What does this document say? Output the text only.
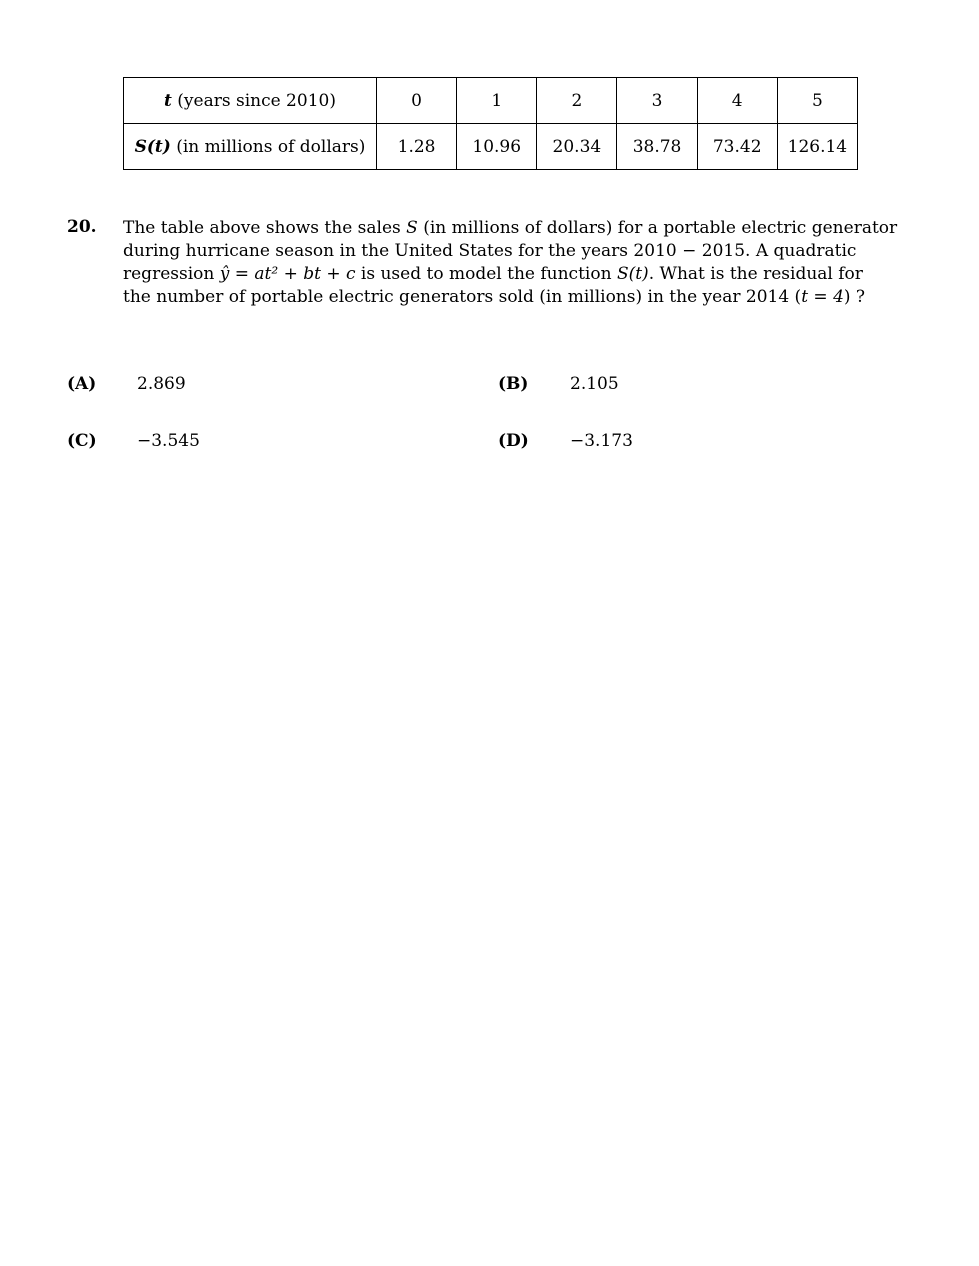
t (years since 2010)	0	1	2	3	4	5
S(t) (in millions of dollars)	1.28	10.96	20.34	38.78	73.42	126.14
20. The table above shows the sales S (in millions of dollars) for a portable electric generator
during hurricane season in the United States for the years 2010 − 2015. A quadratic
regression ŷ = at² + bt + c is used to model the function S(t). What is the residual for
the number of portable electric generators sold (in millions) in the year 2014 (t = 4) ?
(A) 2.869	(B) 2.105
(C) −3.545	(D) −3.173
